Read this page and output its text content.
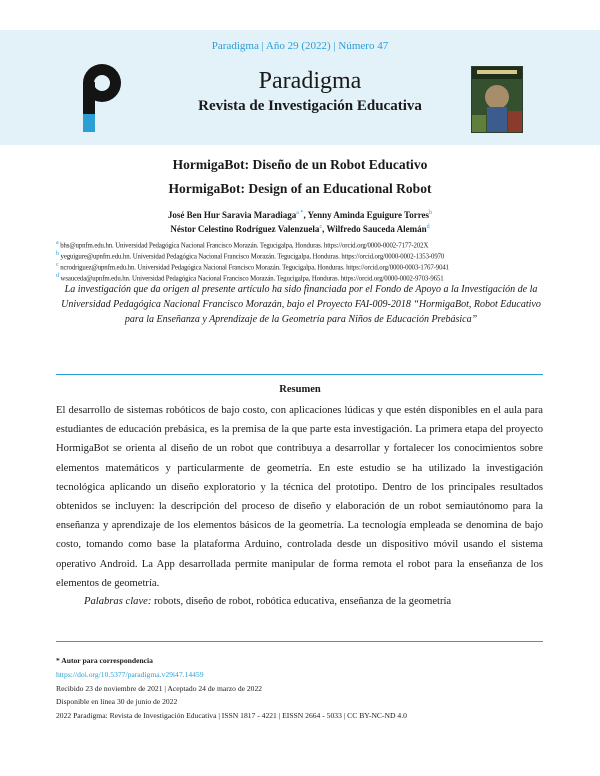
Paradigma | Año 29 (2022) | Número 47
Paradigma
Revista de Investigación Educativa
HormigaBot: Diseño de un Robot Educativo
HormigaBot: Design of an Educational Robot
José Ben Hur Saravia Maradiaga$^{a *}$, Yenny Aminda Eguigure Torres$^b$
Néstor Celestino Rodríguez Valenzuela$^c$, Wilfredo Sauceda Alemán$^d$
a bhs@upnfm.edu.hn. Universidad Pedagógica Nacional Francisco Morazán. Tegucigalpa, Honduras. https://orcid.org/0000-0002-7177-202X
b yeguigure@upnfm.edu.hn. Universidad Pedagógica Nacional Francisco Morazán. Tegucigalpa, Honduras. https://orcid.org/0000-0002-1353-0970
c ncrodriguez@upnfm.edu.hn. Universidad Pedagógica Nacional Francisco Morazán. Tegucigalpa, Honduras. https://orcid.org/0000-0003-1767-9041
d wsauceda@upnfm.edu.hn. Universidad Pedagógica Nacional Francisco Morazán. Tegucigalpa, Honduras. https://orcid.org/0000-0002-9703-9651
La investigación que da origen al presente artículo ha sido financiada por el Fondo de Apoyo a la Investigación de la Universidad Pedagógica Nacional Francisco Morazán, bajo el Proyecto FAI-009-2018 “HormigaBot, Robot Educativo para la Enseñanza y Aprendizaje de la Geometría para Niños de Educación Prebásica”
Resumen
El desarrollo de sistemas robóticos de bajo costo, con aplicaciones lúdicas y que estén disponibles en el aula para estudiantes de educación prebásica, es la premisa de la que parte esta investigación. La primera etapa del proyecto HormigaBot se orienta al diseño de un robot que contribuya a desarrollar y fortalecer los conocimientos sobre elementos matemáticos y particularmente de geometría. En este estudio se ha utilizado la investigación tecnológica aplicando un diseño exploratorio y la técnica del prototipo. Dentro de los principales resultados obtenidos se incluyen: la descripción del proceso de diseño y elaboración de un robot semiautónomo para la enseñanza y aprendizaje de los elementos básicos de la geometría. La tecnología empleada se denomina de bajo costo, tomando como base la plataforma Arduino, controlada desde un dispositivo móvil usando el sistema operativo Android. La App desarrollada permite manipular de forma remota el robot para la enseñanza de los elementos de geometría.
Palabras clave: robots, diseño de robot, robótica educativa, enseñanza de la geometría
* Autor para correspondencia
https://doi.org/10.5377/paradigma.v29i47.14459
Recibido 23 de noviembre de 2021 | Aceptado 24 de marzo de 2022
Disponible en línea 30 de junio de 2022
2022 Paradigma: Revista de Investigación Educativa | ISSN 1817 - 4221 | EISSN 2664 - 5033 | CC BY-NC-ND 4.0
